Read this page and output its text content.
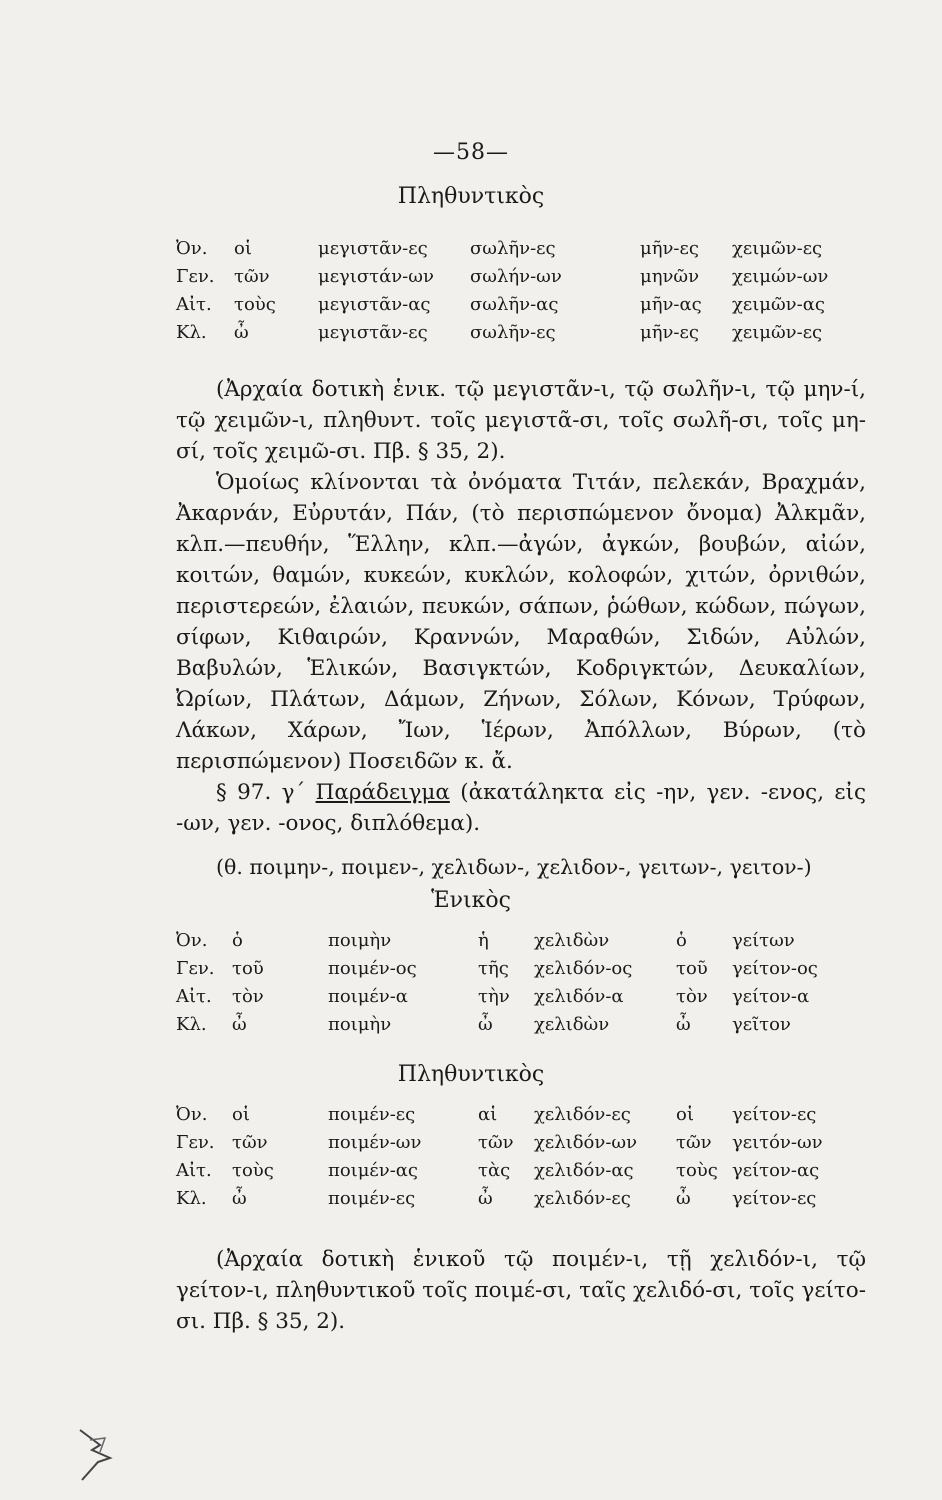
—58—
Πληθυντικὸς
Ὀν. οἱ	μεγιστᾶν-ες σωλῆν-ες	μῆν-ες χειμῶν-ες
Γεν. τῶν	μεγιστάν-ων σωλήν-ων	μηνῶν χειμών-ων
Αἰτ. τοὺς μεγιστᾶν-ας σωλῆν-ας	μῆν-ας χειμῶν-ας
Κλ. ὦ	μεγιστᾶν-ες σωλῆν-ες	μῆν-ες χειμῶν-ες

(Ἀρχαία δοτικὴ ἑνικ. τῷ μεγιστᾶν-ι, τῷ σωλῆν-ι, τῷ μην-ί, τῷ χειμῶν-ι, πληθυντ. τοῖς μεγιστᾶ-σι, τοῖς σωλῆ-σι, τοῖς μη-σί, τοῖς χειμῶ-σι. Πβ. § 35, 2).

Ὁμοίως κλίνονται τὰ ὀνόματα Τιτάν, πελεκάν, Βραχμάν, Ἀκαρνάν, Εὐρυτάν, Πάν, (τὸ περισπώμενον ὄνομα) Ἀλκμᾶν, κλπ.—πευθήν, Ἕλλην, κλπ.—ἀγών, ἀγκών, βουβών, αἰών, κοιτών, θαμών, κυκεών, κυκλών, κολοφών, χιτών, ὀρνιθών, περιστερεών, ἐλαιών, πευκών, σάπων, ῥώθων, κώδων, πώγων, σίφων, Κιθαιρών, Κραννών, Μαραθών, Σιδών, Αὐλών, Βαβυλών, Ἑλικών, Βασιγκτών, Κοδριγκτών, Δευκαλίων, Ὠρίων, Πλάτων, Δάμων, Ζήνων, Σόλων, Κόνων, Τρύφων, Λάκων, Χάρων, Ἴων, Ἱέρων, Ἀπόλλων, Βύρων, (τὸ περισπώμενον) Ποσειδῶν κ. ἄ.

§ 97. γ΄ Παράδειγμα (ἀκατάληκτα εἰς -ην, γεν. -ενος, εἰς -ων, γεν. -ονος, διπλόθεμα).

(θ. ποιμην-, ποιμεν-, χελιδων-, χελιδον-, γειτων-, γειτον-)

Ἑνικὸς
Ὀν. ὁ	ποιμὴν	ἡ	χελιδὼν	ὁ	γείτων
Γεν. τοῦ	ποιμέν-ος	τῆς χελιδόν-ος τοῦ γείτον-ος
Αἰτ. τὸν	ποιμέν-α	τὴν χελιδόν-α	τὸν γείτον-α
Κλ. ὦ	ποιμὴν	ὦ χελιδὼν	ὦ γεῖτον
Πληθυντικὸς
Ὀν. οἱ	ποιμέν-ες	αἱ χελιδόν-ες	οἱ γείτον-ες
Γεν. τῶν	ποιμέν-ων	τῶν χελιδόν-ων τῶν γειτόν-ων
Αἰτ. τοὺς	ποιμέν-ας	τὰς χελιδόν-ας τοὺς γείτον-ας
Κλ. ὦ	ποιμέν-ες	ὦ χελιδόν-ες	ὦ γείτον-ες

(Ἀρχαία δοτικὴ ἑνικοῦ τῷ ποιμέν-ι, τῇ χελιδόν-ι, τῷ γείτον-ι, πληθυντικοῦ τοῖς ποιμέ-σι, ταῖς χελιδό-σι, τοῖς γείτο-σι. Πβ. § 35, 2).
